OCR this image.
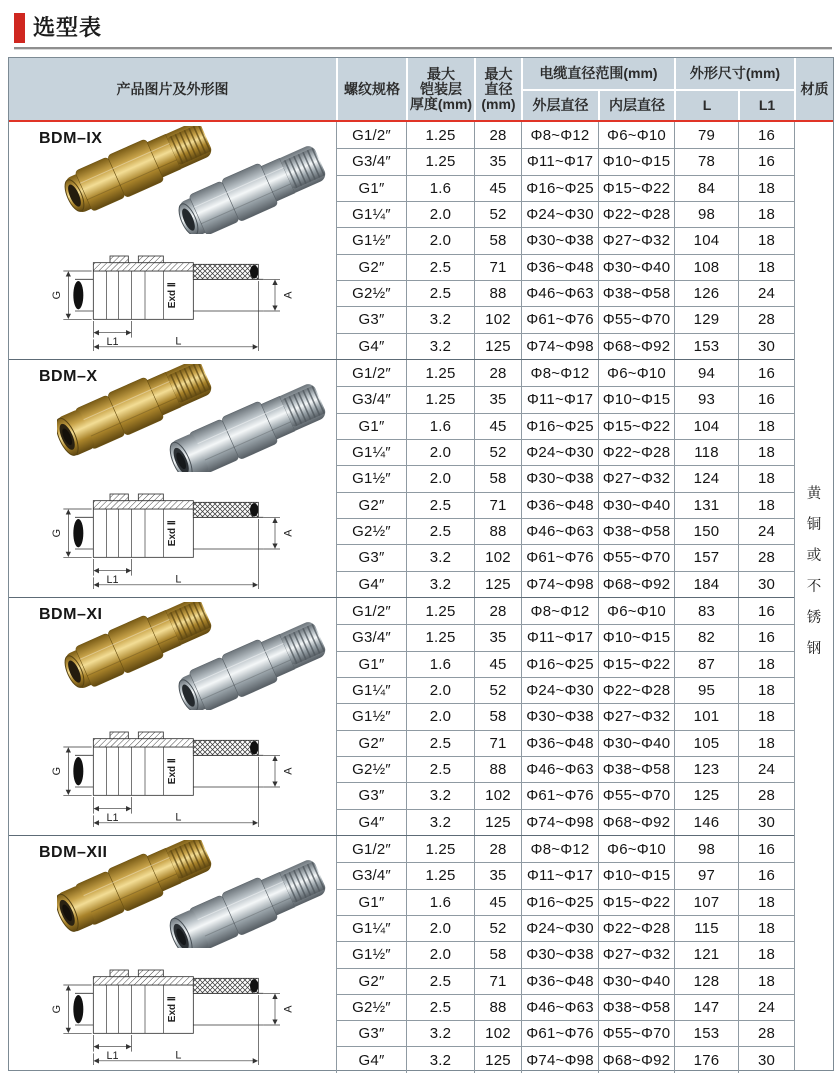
选型表
产品图片及外形图	螺纹规格
最大
铠装层
厚度(mm)
最大
直径
(mm)
电缆直径范围(mm)	外形尺寸(mm)
材质
外层直径	内层直径	L	L1
BDM–IX
Exd Ⅱ
G	A
L1	L
G1/2″	1.25	28	Φ8~Φ12	Φ6~Φ10	79	16
G3/4″	1.25	35	Φ11~Φ17 Φ10~Φ15	78	16
G1″	1.6	45	Φ16~Φ25 Φ15~Φ22	84	18
G1¼″	2.0	52	Φ24~Φ30 Φ22~Φ28	98	18
G1½″	2.0	58	Φ30~Φ38 Φ27~Φ32	104	18
G2″	2.5	71	Φ36~Φ48 Φ30~Φ40	108	18
G2½″	2.5	88	Φ46~Φ63 Φ38~Φ58	126	24
G3″	3.2	102	Φ61~Φ76 Φ55~Φ70	129	28
G4″	3.2	125	Φ74~Φ98 Φ68~Φ92	153	30
BDM–X
Exd Ⅱ
G	A
L1	L
G1/2″	1.25	28	Φ8~Φ12	Φ6~Φ10	94	16
G3/4″	1.25	35	Φ11~Φ17 Φ10~Φ15	93	16
G1″	1.6	45	Φ16~Φ25 Φ15~Φ22	104	18
G1¼″	2.0	52	Φ24~Φ30 Φ22~Φ28	118	18
G1½″	2.0	58	Φ30~Φ38 Φ27~Φ32	124	18
G2″	2.5	71	Φ36~Φ48 Φ30~Φ40	131	18
G2½″	2.5	88	Φ46~Φ63 Φ38~Φ58	150	24
G3″	3.2	102	Φ61~Φ76 Φ55~Φ70	157	28
G4″	3.2	125	Φ74~Φ98 Φ68~Φ92	184	30
BDM–XI
Exd Ⅱ
G	A
L1	L
G1/2″	1.25	28	Φ8~Φ12	Φ6~Φ10	83	16
G3/4″	1.25	35	Φ11~Φ17 Φ10~Φ15	82	16
G1″	1.6	45	Φ16~Φ25 Φ15~Φ22	87	18
G1¼″	2.0	52	Φ24~Φ30 Φ22~Φ28	95	18
G1½″	2.0	58	Φ30~Φ38 Φ27~Φ32	101	18
G2″	2.5	71	Φ36~Φ48 Φ30~Φ40	105	18
G2½″	2.5	88	Φ46~Φ63 Φ38~Φ58	123	24
G3″	3.2	102	Φ61~Φ76 Φ55~Φ70	125	28
G4″	3.2	125	Φ74~Φ98 Φ68~Φ92	146	30
BDM–XII
Exd Ⅱ
G	A
L1	L
G1/2″	1.25	28	Φ8~Φ12	Φ6~Φ10	98	16
G3/4″	1.25	35	Φ11~Φ17 Φ10~Φ15	97	16
G1″	1.6	45	Φ16~Φ25 Φ15~Φ22	107	18
G1¼″	2.0	52	Φ24~Φ30 Φ22~Φ28	115	18
G1½″	2.0	58	Φ30~Φ38 Φ27~Φ32	121	18
G2″	2.5	71	Φ36~Φ48 Φ30~Φ40	128	18
G2½″	2.5	88	Φ46~Φ63 Φ38~Φ58	147	24
G3″	3.2	102	Φ61~Φ76 Φ55~Φ70	153	28
G4″	3.2	125	Φ74~Φ98 Φ68~Φ92	176	30
黄
铜
或
不
锈
钢
